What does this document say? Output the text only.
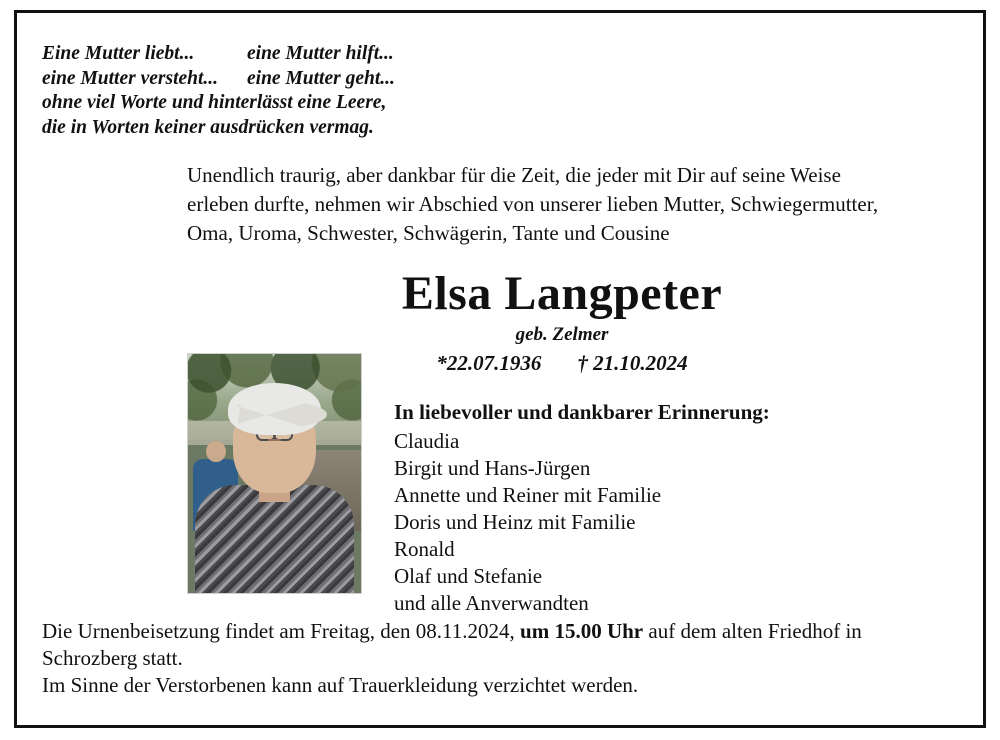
Eine Mutter liebt...	eine Mutter hilft...
eine Mutter versteht... eine Mutter geht...
ohne viel Worte und hinterlässt eine Leere,
die in Worten keiner ausdrücken vermag.
Unendlich traurig, aber dankbar für die Zeit, die jeder mit Dir auf seine Weise
erleben durfte, nehmen wir Abschied von unserer lieben Mutter, Schwiegermutter,
Oma, Uroma, Schwester, Schwägerin, Tante und Cousine
Elsa Langpeter
geb. Zelmer
*22.07.1936 † 21.10.2024
In liebevoller und dankbarer Erinnerung:
Claudia
Birgit und Hans-Jürgen
Annette und Reiner mit Familie
Doris und Heinz mit Familie
Ronald
Olaf und Stefanie
und alle Anverwandten
Die Urnenbeisetzung findet am Freitag, den 08.11.2024, um 15.00 Uhr auf dem alten Friedhof in
Schrozberg statt.
Im Sinne der Verstorbenen kann auf Trauerkleidung verzichtet werden.
